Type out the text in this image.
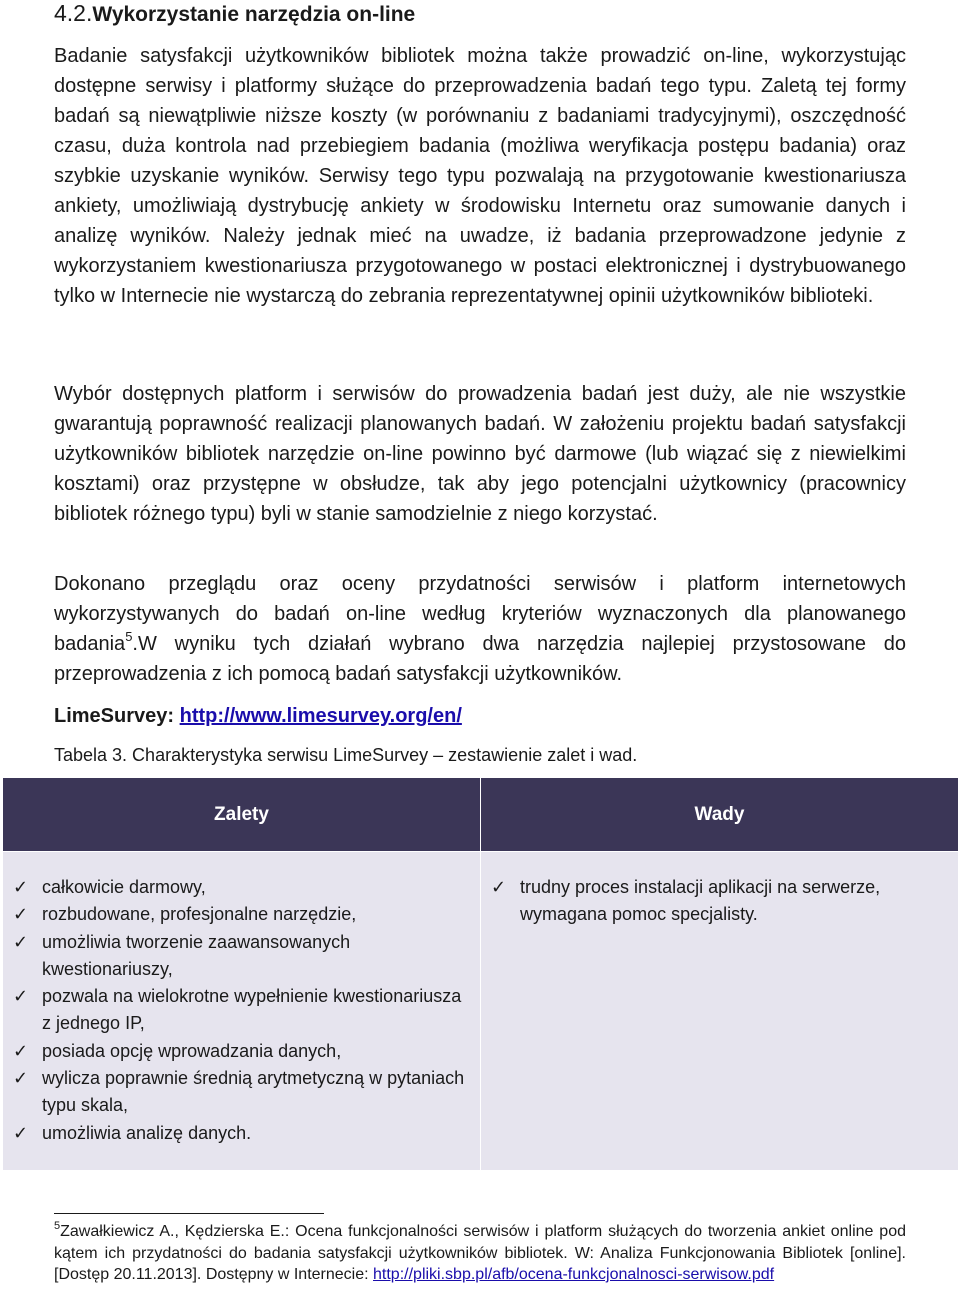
4.2.Wykorzystanie narzędzia on-line

Badanie satysfakcji użytkowników bibliotek można także prowadzić on-line, wykorzystując dostępne serwisy i platformy służące do przeprowadzenia badań tego typu. Zaletą tej formy badań są niewątpliwie niższe koszty (w porównaniu z badaniami tradycyjnymi), oszczędność czasu, duża kontrola nad przebiegiem badania (możliwa weryfikacja postępu badania) oraz szybkie uzyskanie wyników. Serwisy tego typu pozwalają na przygotowanie kwestionariusza ankiety, umożliwiają dystrybucję ankiety w środowisku Internetu oraz sumowanie danych i analizę wyników. Należy jednak mieć na uwadze, iż badania przeprowadzone jedynie z wykorzystaniem kwestionariusza przygotowanego w postaci elektronicznej i dystrybuowanego tylko w Internecie nie wystarczą do zebrania reprezentatywnej opinii użytkowników biblioteki.

Wybór dostępnych platform i serwisów do prowadzenia badań jest duży, ale nie wszystkie gwarantują poprawność realizacji planowanych badań. W założeniu projektu badań satysfakcji użytkowników bibliotek narzędzie on-line powinno być darmowe (lub wiązać się z niewielkimi kosztami) oraz przystępne w obsłudze, tak aby jego potencjalni użytkownicy (pracownicy bibliotek różnego typu) byli w stanie samodzielnie z niego korzystać.

Dokonano przeglądu oraz oceny przydatności serwisów i platform internetowych wykorzystywanych do badań on-line według kryteriów wyznaczonych dla planowanego badania$^5$.W wyniku tych działań wybrano dwa narzędzia najlepiej przystosowane do przeprowadzenia z ich pomocą badań satysfakcji użytkowników.

LimeSurvey: http://www.limesurvey.org/en/
Tabela 3. Charakterystyka serwisu LimeSurvey – zestawienie zalet i wad.
Zalety	Wady
✓ całkowicie darmowy,
✓ rozbudowane, profesjonalne narzędzie,
✓ umożliwia tworzenie zaawansowanych kwestionariuszy,
✓ pozwala na wielokrotne wypełnienie kwestionariusza z jednego IP,
✓ posiada opcję wprowadzania danych,
✓ wylicza poprawnie średnią arytmetyczną w pytaniach typu skala,
✓ umożliwia analizę danych.
✓ trudny proces instalacji aplikacji na serwerze, wymagana pomoc specjalisty.

$^5$Zawałkiewicz A., Kędzierska E.: Ocena funkcjonalności serwisów i platform służących do tworzenia ankiet online pod kątem ich przydatności do badania satysfakcji użytkowników bibliotek. W: Analiza Funkcjonowania Bibliotek [online].[Dostęp 20.11.2013]. Dostępny w Internecie: http://pliki.sbp.pl/afb/ocena-funkcjonalnosci-serwisow.pdf
